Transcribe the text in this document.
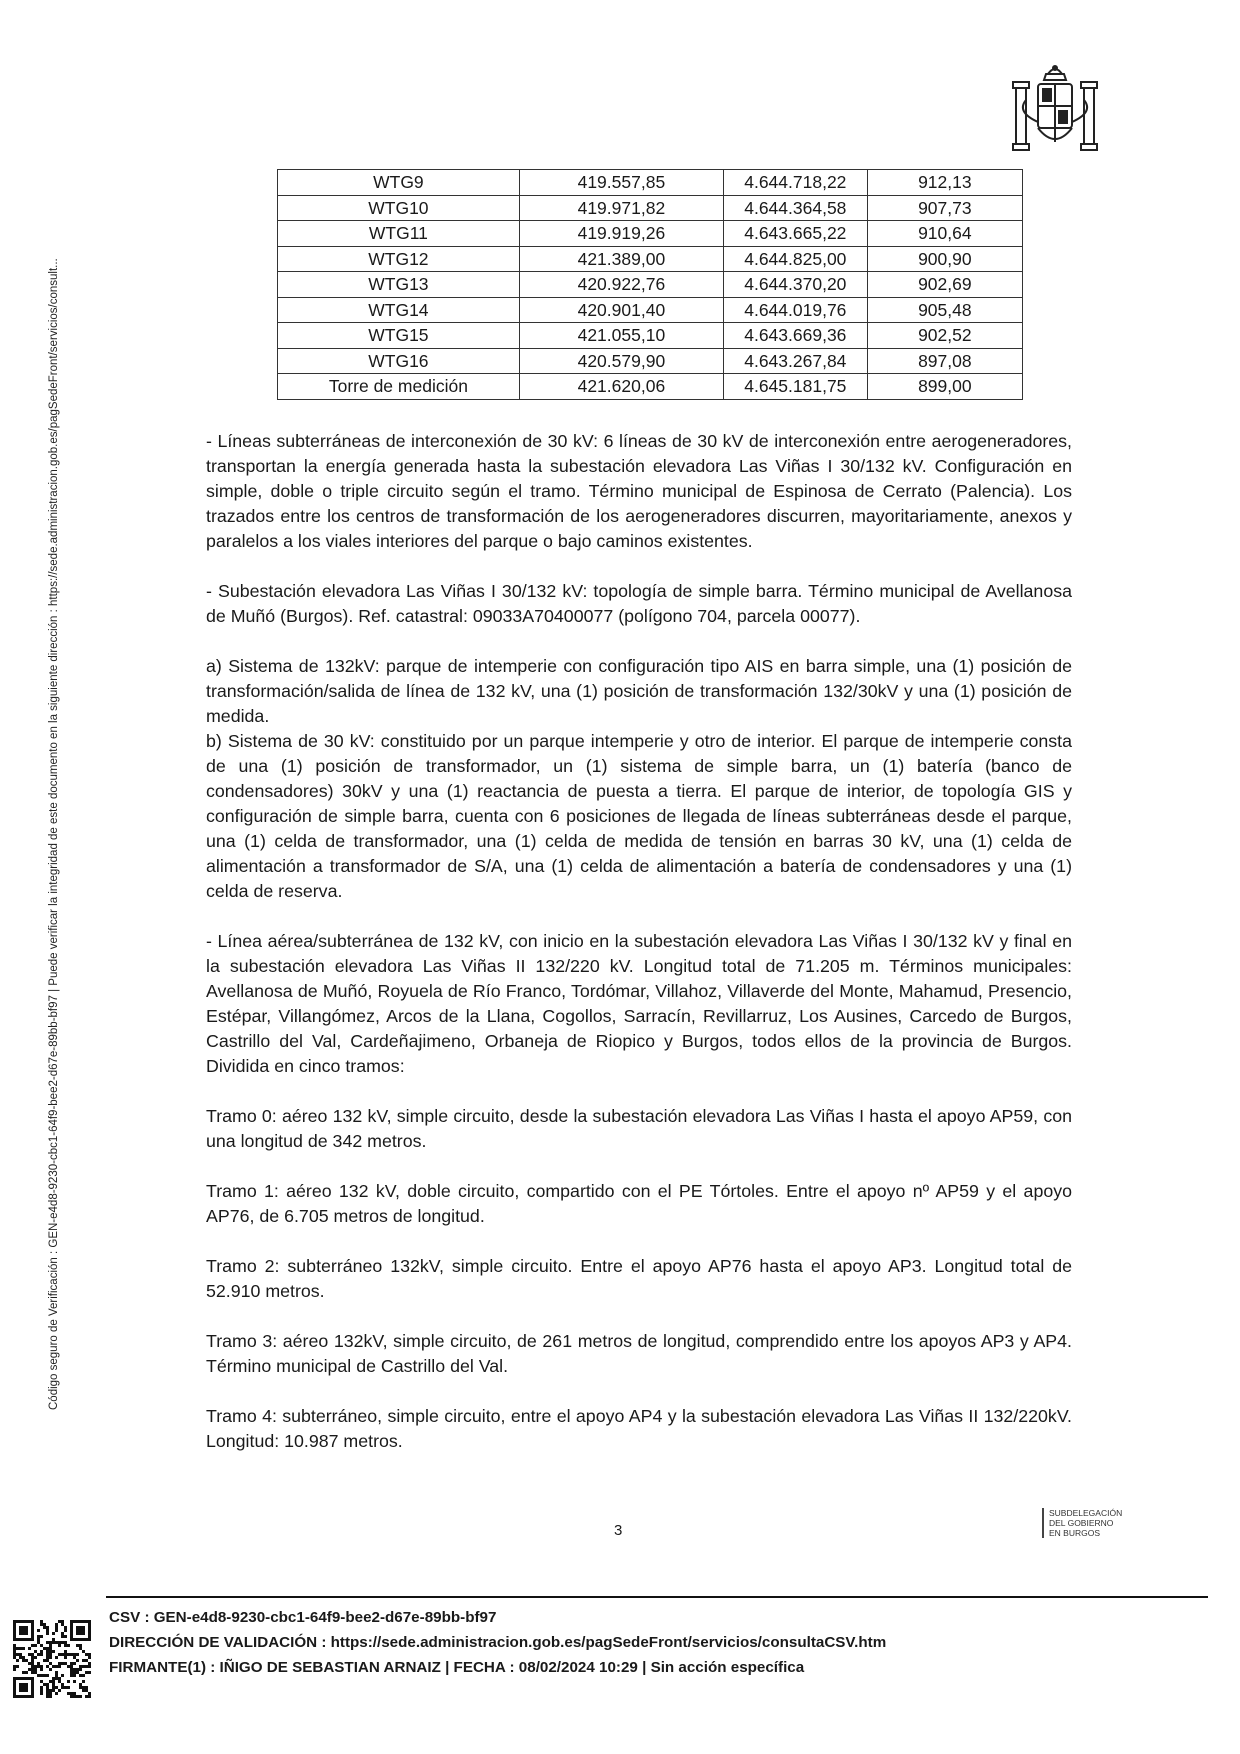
Código seguro de Verificación : GEN-e4d8-9230-cbc1-64f9-bee2-d67e-89bb-bf97 | Puede verificar la integridad de este documento en la siguiente dirección : https://sede.administracion.gob.es/pagSedeFront/servicios/consult...
WTG9	419.557,85	4.644.718,22	912,13
WTG10	419.971,82	4.644.364,58	907,73
WTG11	419.919,26	4.643.665,22	910,64
WTG12	421.389,00	4.644.825,00	900,90
WTG13	420.922,76	4.644.370,20	902,69
WTG14	420.901,40	4.644.019,76	905,48
WTG15	421.055,10	4.643.669,36	902,52
WTG16	420.579,90	4.643.267,84	897,08
Torre de medición	421.620,06	4.645.181,75	899,00

- Líneas subterráneas de interconexión de 30 kV: 6 líneas de 30 kV de interconexión entre aerogeneradores, transportan la energía generada hasta la subestación elevadora Las Viñas I 30/132 kV. Configuración en simple, doble o triple circuito según el tramo. Término municipal de Espinosa de Cerrato (Palencia). Los trazados entre los centros de transformación de los aerogeneradores discurren, mayoritariamente, anexos y paralelos a los viales interiores del parque o bajo caminos existentes.

- Subestación elevadora Las Viñas I 30/132 kV: topología de simple barra. Término municipal de Avellanosa de Muñó (Burgos). Ref. catastral: 09033A70400077 (polígono 704, parcela 00077).

a) Sistema de 132kV: parque de intemperie con configuración tipo AIS en barra simple, una (1) posición de transformación/salida de línea de 132 kV, una (1) posición de transformación 132/30kV y una (1) posición de medida.

b) Sistema de 30 kV: constituido por un parque intemperie y otro de interior. El parque de intemperie consta de una (1) posición de transformador, un (1) sistema de simple barra, un (1) batería (banco de condensadores) 30kV y una (1) reactancia de puesta a tierra. El parque de interior, de topología GIS y configuración de simple barra, cuenta con 6 posiciones de llegada de líneas subterráneas desde el parque, una (1) celda de transformador, una (1) celda de medida de tensión en barras 30 kV, una (1) celda de alimentación a transformador de S/A, una (1) celda de alimentación a batería de condensadores y una (1) celda de reserva.

- Línea aérea/subterránea de 132 kV, con inicio en la subestación elevadora Las Viñas I 30/132 kV y final en la subestación elevadora Las Viñas II 132/220 kV. Longitud total de 71.205 m. Términos municipales: Avellanosa de Muñó, Royuela de Río Franco, Tordómar, Villahoz, Villaverde del Monte, Mahamud, Presencio, Estépar, Villangómez, Arcos de la Llana, Cogollos, Sarracín, Revillarruz, Los Ausines, Carcedo de Burgos, Castrillo del Val, Cardeñajimeno, Orbaneja de Riopico y Burgos, todos ellos de la provincia de Burgos. Dividida en cinco tramos:

Tramo 0: aéreo 132 kV, simple circuito, desde la subestación elevadora Las Viñas I hasta el apoyo AP59, con una longitud de 342 metros.

Tramo 1: aéreo 132 kV, doble circuito, compartido con el PE Tórtoles. Entre el apoyo nº AP59 y el apoyo AP76, de 6.705 metros de longitud.

Tramo 2: subterráneo 132kV, simple circuito. Entre el apoyo AP76 hasta el apoyo AP3. Longitud total de 52.910 metros.

Tramo 3: aéreo 132kV, simple circuito, de 261 metros de longitud, comprendido entre los apoyos AP3 y AP4. Término municipal de Castrillo del Val.

Tramo 4: subterráneo, simple circuito, entre el apoyo AP4 y la subestación elevadora Las Viñas II 132/220kV. Longitud: 10.987 metros.

3
SUBDELEGACIÓN
DEL GOBIERNO
EN BURGOS
CSV : GEN-e4d8-9230-cbc1-64f9-bee2-d67e-89bb-bf97
DIRECCIÓN DE VALIDACIÓN : https://sede.administracion.gob.es/pagSedeFront/servicios/consultaCSV.htm
FIRMANTE(1) : IÑIGO DE SEBASTIAN ARNAIZ | FECHA : 08/02/2024 10:29 | Sin acción específica
